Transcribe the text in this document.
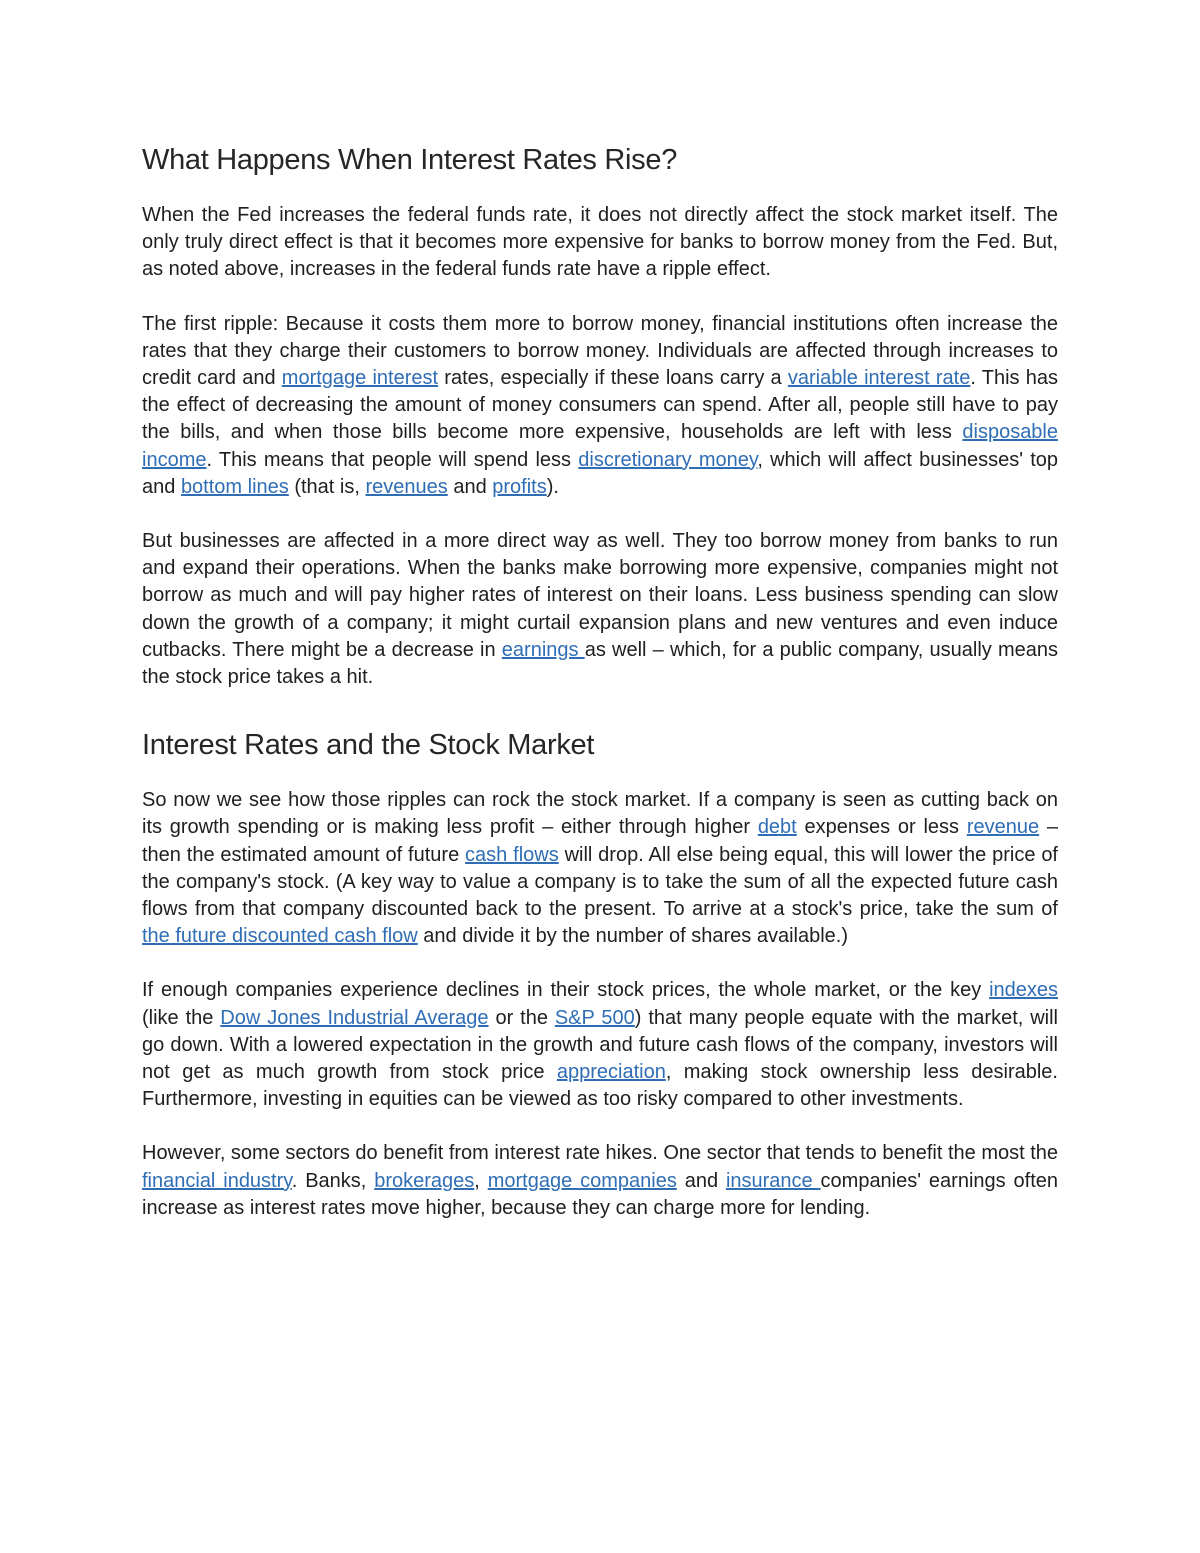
What Happens When Interest Rates Rise?

When the Fed increases the federal funds rate, it does not directly affect the stock market itself. The only truly direct effect is that it becomes more expensive for banks to borrow money from the Fed. But, as noted above, increases in the federal funds rate have a ripple effect.

The first ripple: Because it costs them more to borrow money, financial institutions often increase the rates that they charge their customers to borrow money. Individuals are affected through increases to credit card and mortgage interest rates, especially if these loans carry a variable interest rate. This has the effect of decreasing the amount of money consumers can spend. After all, people still have to pay the bills, and when those bills become more expensive, households are left with less disposable income. This means that people will spend less discretionary money, which will affect businesses' top and bottom lines (that is, revenues and profits).

But businesses are affected in a more direct way as well. They too borrow money from banks to run and expand their operations. When the banks make borrowing more expensive, companies might not borrow as much and will pay higher rates of interest on their loans. Less business spending can slow down the growth of a company; it might curtail expansion plans and new ventures and even induce cutbacks. There might be a decrease in earnings as well – which, for a public company, usually means the stock price takes a hit.

Interest Rates and the Stock Market

So now we see how those ripples can rock the stock market. If a company is seen as cutting back on its growth spending or is making less profit – either through higher debt expenses or less revenue – then the estimated amount of future cash flows will drop. All else being equal, this will lower the price of the company's stock. (A key way to value a company is to take the sum of all the expected future cash flows from that company discounted back to the present. To arrive at a stock's price, take the sum of the future discounted cash flow and divide it by the number of shares available.)

If enough companies experience declines in their stock prices, the whole market, or the key indexes (like the Dow Jones Industrial Average or the S&P 500) that many people equate with the market, will go down. With a lowered expectation in the growth and future cash flows of the company, investors will not get as much growth from stock price appreciation, making stock ownership less desirable. Furthermore, investing in equities can be viewed as too risky compared to other investments.

However, some sectors do benefit from interest rate hikes. One sector that tends to benefit the most the financial industry. Banks, brokerages, mortgage companies and insurance companies' earnings often increase as interest rates move higher, because they can charge more for lending.
